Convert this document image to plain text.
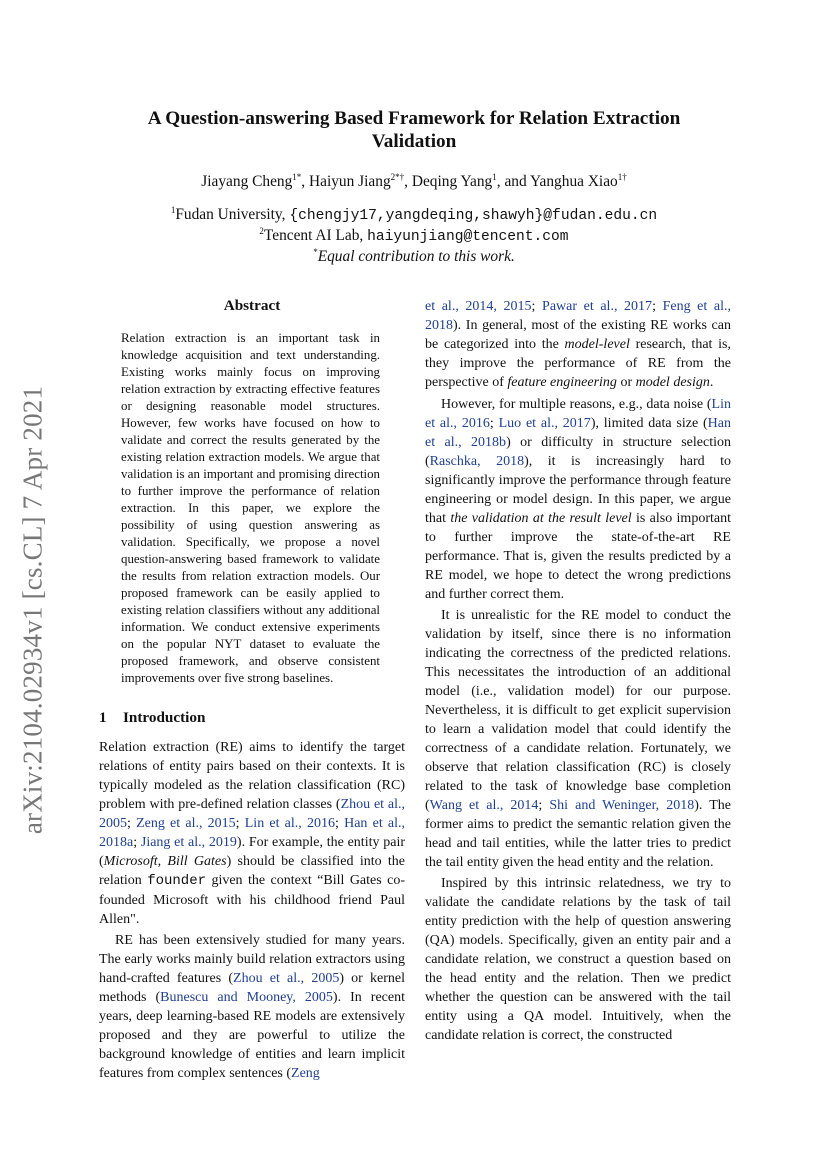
arXiv:2104.02934v1 [cs.CL] 7 Apr 2021
A Question-answering Based Framework for Relation Extraction
Validation
Jiayang Cheng$^{1*}$, Haiyun Jiang$^{2*\dagger}$, Deqing Yang$^1$, and Yanghua Xiao$^{1\dagger}$
$^1$Fudan University, {chengjy17,yangdeqing,shawyh}@fudan.edu.cn
$^2$Tencent AI Lab, haiyunjiang@tencent.com
*Equal contribution to this work.
Abstract
Relation extraction is an important task in knowledge acquisition and text understanding. Existing works mainly focus on improving relation extraction by extracting effective features or designing reasonable model structures. However, few works have focused on how to validate and correct the results generated by the existing relation extraction models. We argue that validation is an important and promising direction to further improve the performance of relation extraction. In this paper, we explore the possibility of using question answering as validation. Specifically, we propose a novel question-answering based framework to validate the results from relation extraction models. Our proposed framework can be easily applied to existing relation classifiers without any additional information. We conduct extensive experiments on the popular NYT dataset to evaluate the proposed framework, and observe consistent improvements over five strong baselines.
1 Introduction

Relation extraction (RE) aims to identify the target relations of entity pairs based on their contexts. It is typically modeled as the relation classification (RC) problem with pre-defined relation classes (Zhou et al., 2005; Zeng et al., 2015; Lin et al., 2016; Han et al., 2018a; Jiang et al., 2019). For example, the entity pair (Microsoft, Bill Gates) should be classified into the relation founder given the context “Bill Gates co-founded Microsoft with his childhood friend Paul Allen".

RE has been extensively studied for many years. The early works mainly build relation extractors using hand-crafted features (Zhou et al., 2005) or kernel methods (Bunescu and Mooney, 2005). In recent years, deep learning-based RE models are extensively proposed and they are powerful to utilize the background knowledge of entities and learn implicit features from complex sentences (Zeng

et al., 2014, 2015; Pawar et al., 2017; Feng et al., 2018). In general, most of the existing RE works can be categorized into the model-level research, that is, they improve the performance of RE from the perspective of feature engineering or model design.

However, for multiple reasons, e.g., data noise (Lin et al., 2016; Luo et al., 2017), limited data size (Han et al., 2018b) or difficulty in structure selection (Raschka, 2018), it is increasingly hard to significantly improve the performance through feature engineering or model design. In this paper, we argue that the validation at the result level is also important to further improve the state-of-the-art RE performance. That is, given the results predicted by a RE model, we hope to detect the wrong predictions and further correct them.

It is unrealistic for the RE model to conduct the validation by itself, since there is no information indicating the correctness of the predicted relations. This necessitates the introduction of an additional model (i.e., validation model) for our purpose. Nevertheless, it is difficult to get explicit supervision to learn a validation model that could identify the correctness of a candidate relation. Fortunately, we observe that relation classification (RC) is closely related to the task of knowledge base completion (Wang et al., 2014; Shi and Weninger, 2018). The former aims to predict the semantic relation given the head and tail entities, while the latter tries to predict the tail entity given the head entity and the relation.

Inspired by this intrinsic relatedness, we try to validate the candidate relations by the task of tail entity prediction with the help of question answering (QA) models. Specifically, given an entity pair and a candidate relation, we construct a question based on the head entity and the relation. Then we predict whether the question can be answered with the tail entity using a QA model. Intuitively, when the candidate relation is correct, the constructed
